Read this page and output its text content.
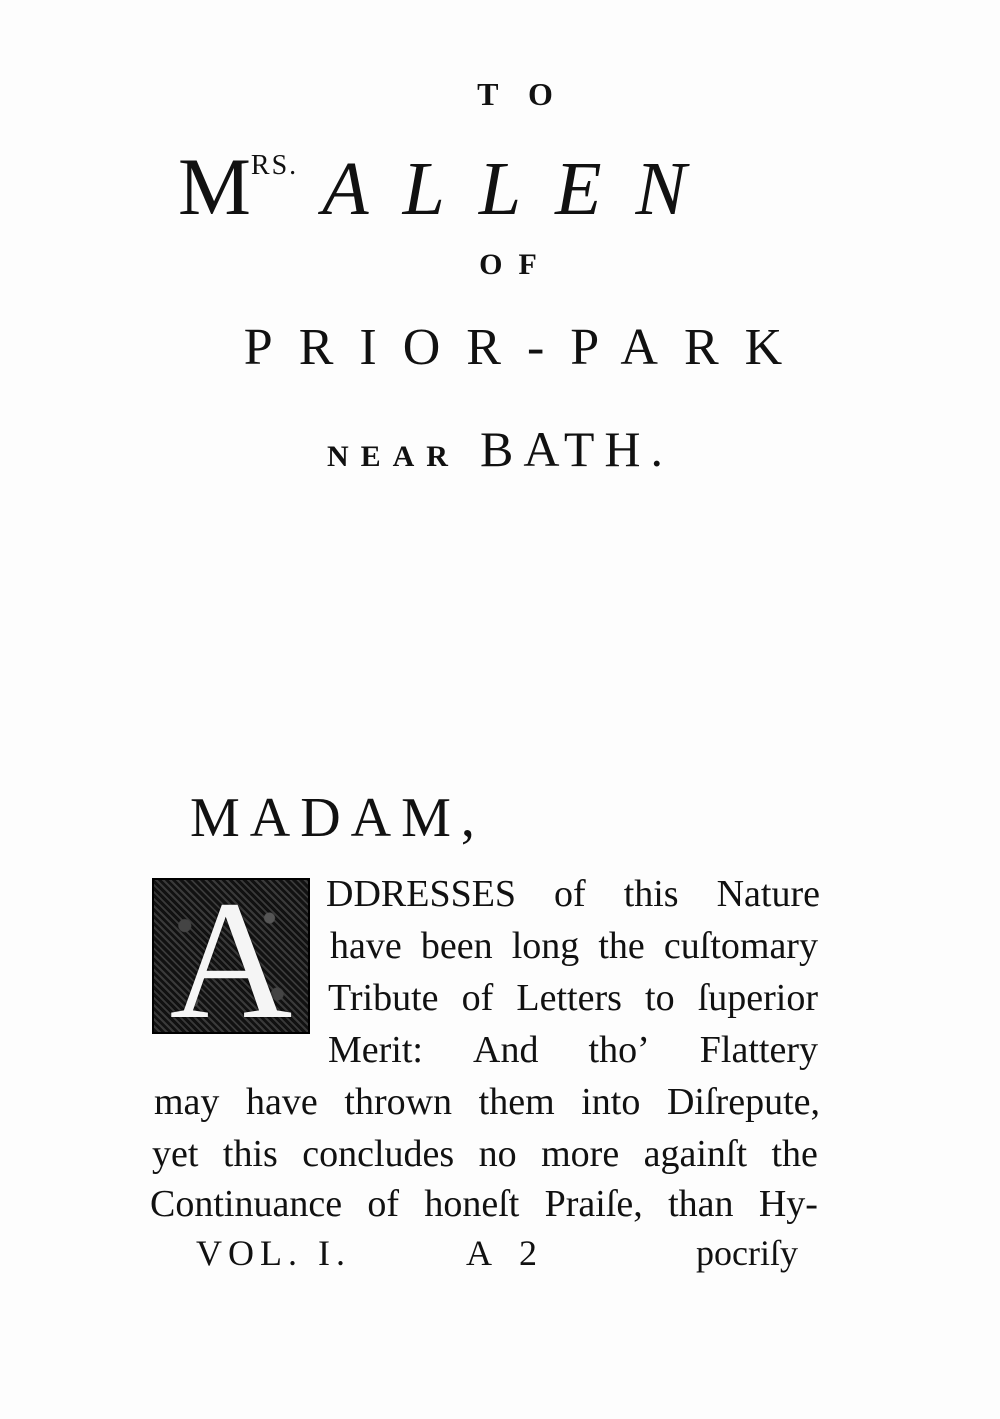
TO
MRS. ALLEN
OF
PRIOR-PARK
NEAR BATH.
MADAM,
A DDRESSES of this Nature
have been long the cuſtomary
Tribute of Letters to ſuperior
Merit: And tho’ Flattery
may have thrown them into Diſrepute,
yet this concludes no more againſt the
Continuance of honeſt Praiſe, than Hy-
VOL. I.	A 2	pocriſy
